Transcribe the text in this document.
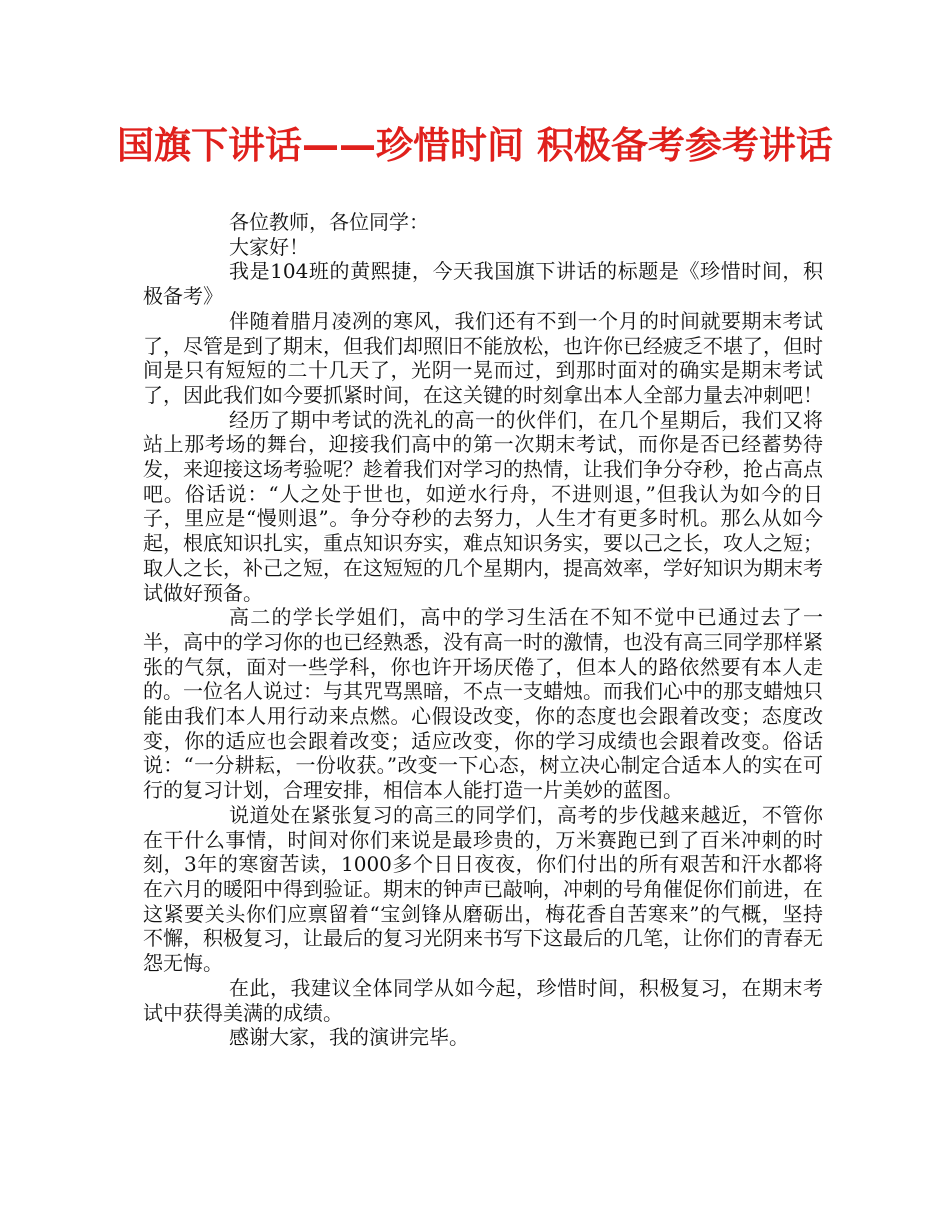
国旗下讲话——珍惜时间 积极备考参考讲话

各位教师，各位同学：

大家好！

我是104班的黄熙捷，今天我国旗下讲话的标题是《珍惜时间，积极备考》

伴随着腊月凌冽的寒风，我们还有不到一个月的时间就要期末考试了，尽管是到了期末，但我们却照旧不能放松，也许你已经疲乏不堪了，但时间是只有短短的二十几天了，光阴一晃而过，到那时面对的确实是期末考试了，因此我们如今要抓紧时间，在这关键的时刻拿出本人全部力量去冲刺吧！

经历了期中考试的洗礼的高一的伙伴们，在几个星期后，我们又将站上那考场的舞台，迎接我们高中的第一次期末考试，而你是否已经蓄势待发，来迎接这场考验呢？趁着我们对学习的热情，让我们争分夺秒，抢占高点吧。俗话说：“人之处于世也，如逆水行舟，不进则退，”但我认为如今的日子，里应是“慢则退”。争分夺秒的去努力，人生才有更多时机。那么从如今起，根底知识扎实，重点知识夯实，难点知识务实，要以己之长，攻人之短；取人之长，补己之短，在这短短的几个星期内，提高效率，学好知识为期末考试做好预备。

高二的学长学姐们，高中的学习生活在不知不觉中已通过去了一半，高中的学习你的也已经熟悉，没有高一时的激情，也没有高三同学那样紧张的气氛，面对一些学科，你也许开场厌倦了，但本人的路依然要有本人走的。一位名人说过：与其咒骂黑暗，不点一支蜡烛。而我们心中的那支蜡烛只能由我们本人用行动来点燃。心假设改变，你的态度也会跟着改变；态度改变，你的适应也会跟着改变；适应改变，你的学习成绩也会跟着改变。俗话说：“一分耕耘，一份收获。”改变一下心态，树立决心制定合适本人的实在可行的复习计划，合理安排，相信本人能打造一片美妙的蓝图。

说道处在紧张复习的高三的同学们，高考的步伐越来越近，不管你在干什么事情，时间对你们来说是最珍贵的，万米赛跑已到了百米冲刺的时刻，3年的寒窗苦读，1000多个日日夜夜，你们付出的所有艰苦和汗水都将在六月的暖阳中得到验证。期末的钟声已敲响，冲刺的号角催促你们前进，在这紧要关头你们应禀留着“宝剑锋从磨砺出，梅花香自苦寒来”的气概，坚持不懈，积极复习，让最后的复习光阴来书写下这最后的几笔，让你们的青春无怨无悔。

在此，我建议全体同学从如今起，珍惜时间，积极复习，在期末考试中获得美满的成绩。

感谢大家，我的演讲完毕。
